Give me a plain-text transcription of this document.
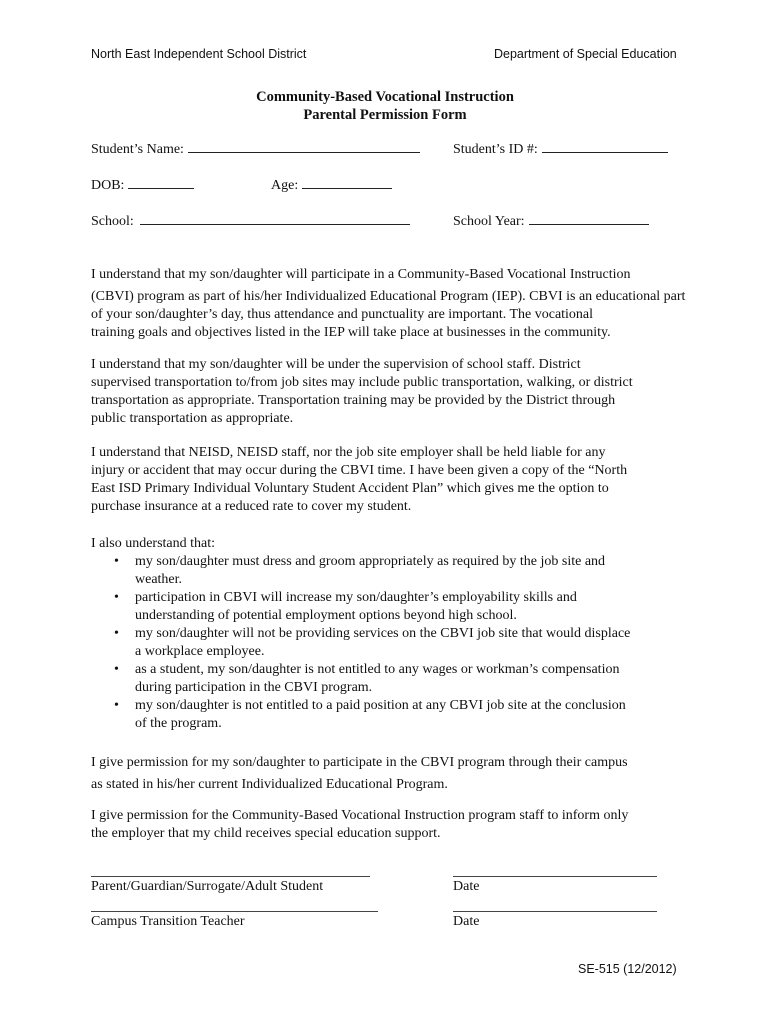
North East Independent School District	Department of Special Education
Community-Based Vocational Instruction
Parental Permission Form
Student’s Name:	Student’s ID #:
DOB:	Age:
School:	School Year:
I understand that my son/daughter will participate in a Community-Based Vocational Instruction
(CBVI) program as part of his/her Individualized Educational Program (IEP). CBVI is an educational part
of your son/daughter’s day, thus attendance and punctuality are important. The vocational
training goals and objectives listed in the IEP will take place at businesses in the community.
I understand that my son/daughter will be under the supervision of school staff. District
supervised transportation to/from job sites may include public transportation, walking, or district
transportation as appropriate. Transportation training may be provided by the District through
public transportation as appropriate.
I understand that NEISD, NEISD staff, nor the job site employer shall be held liable for any
injury or accident that may occur during the CBVI time. I have been given a copy of the “North
East ISD Primary Individual Voluntary Student Accident Plan” which gives me the option to
purchase insurance at a reduced rate to cover my student.
I also understand that:
• my son/daughter must dress and groom appropriately as required by the job site and
weather.
• participation in CBVI will increase my son/daughter’s employability skills and
understanding of potential employment options beyond high school.
• my son/daughter will not be providing services on the CBVI job site that would displace
a workplace employee.
• as a student, my son/daughter is not entitled to any wages or workman’s compensation
during participation in the CBVI program.
• my son/daughter is not entitled to a paid position at any CBVI job site at the conclusion
of the program.
I give permission for my son/daughter to participate in the CBVI program through their campus
as stated in his/her current Individualized Educational Program.
I give permission for the Community-Based Vocational Instruction program staff to inform only
the employer that my child receives special education support.
Parent/Guardian/Surrogate/Adult Student	Date
Campus Transition Teacher	Date
SE-515 (12/2012)
